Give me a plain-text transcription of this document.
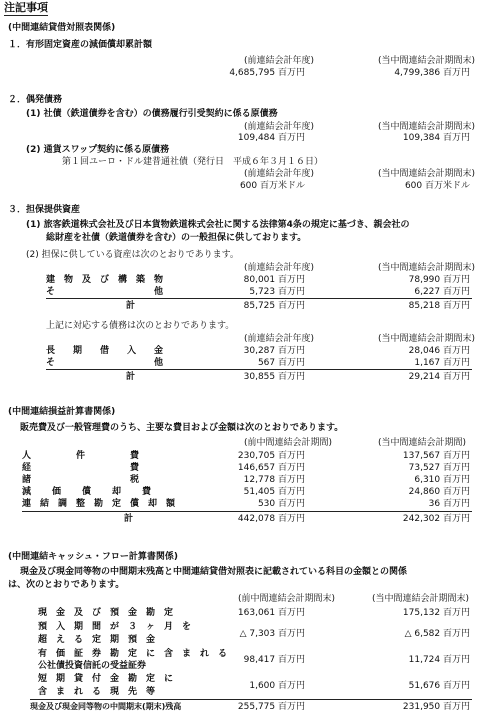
注記事項
(中間連結貸借対照表関係)
１．有形固定資産の減価償却累計額
(前連結会計年度)	(当中間連結会計期間末)
4,685,795 百万円	4,799,386 百万円
２．偶発債務
(1) 社債（鉄道債券を含む）の債務履行引受契約に係る原債務
(前連結会計年度)	(当中間連結会計期間末)
109,484 百万円	109,384 百万円
(2) 通貨スワップ契約に係る原債務
第１回ユーロ・ドル建普通社債（発行日　平成６年３月１６日）
(前連結会計年度)	(当中間連結会計期間末)
600 百万米ドル	600 百万米ドル
３．担保提供資産
(1) 旅客鉄道株式会社及び日本貨物鉄道株式会社に関する法律第4条の規定に基づき、親会社の
総財産を社債（鉄道債券を含む）の一般担保に供しております。
(2) 担保に供している資産は次のとおりであります。
(前連結会計年度)	(当中間連結会計期間末)
建　物　及　び　構　築　物	80,001 百万円	78,990 百万円
そ　　　　　　　　　　　他	5,723 百万円	6,227 百万円
計	85,725 百万円	85,218 百万円
上記に対応する債務は次のとおりであります。
(前連結会計年度)	(当中間連結会計期間末)
長　　期　　借　　入　　金	30,287 百万円	28,046 百万円
そ　　　　　　　　　　　他	567 百万円	1,167 百万円
計	30,855 百万円	29,214 百万円
(中間連結損益計算書関係)
販売費及び一般管理費のうち、主要な費目および金額は次のとおりであります。
(前中間連結会計期間)	(当中間連結会計期間)
人　　　　　件　　　　　費	230,705 百万円	137,567 百万円
経　　　　　　　　　　　費	146,657 百万円	73,527 百万円
諸　　　　　　　　　　　税	12,778 百万円	6,310 百万円
減　価　償　却　費	51,405 百万円	24,860 百万円
連　結　調　整　勘　定　償　却　額	530 百万円	36 百万円
計	442,078 百万円	242,302 百万円
(中間連結キャッシュ・フロー計算書関係)
現金及び現金同等物の中間期末残高と中間連結貸借対照表に記載されている科目の金額との関係
は、次のとおりであります。
(前中間連結会計期間末)	(当中間連結会計期間末)
現　金　及　び　預　金　勘　定	163,061 百万円	175,132 百万円
預　入　期　間　が　３　ヶ　月　を
超　え　る　定　期　預　金
△ 7,303 百万円	△ 6,582 百万円
有　価　証　券　勘　定　に　含　ま　れ　る
公社債投資信託の受益証券
98,417 百万円	11,724 百万円
短　期　貸　付　金　勘　定　に
含　ま　れ　る　現　先　等
1,600 百万円	51,676 百万円
現金及び現金同等物の中間期末(期末)残高	255,775 百万円	231,950 百万円
